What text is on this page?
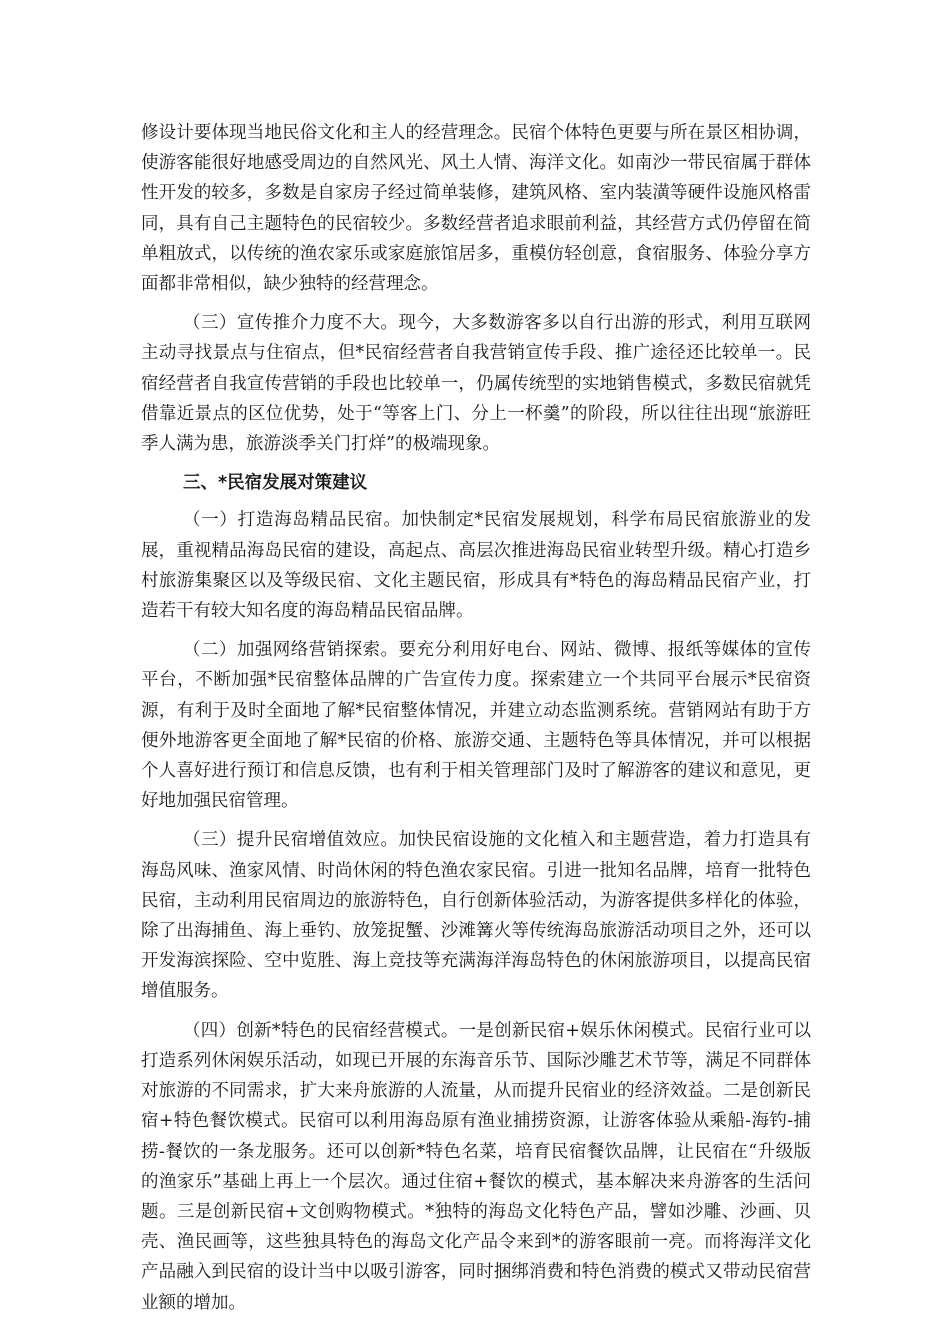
修设计要体现当地民俗文化和主人的经营理念。民宿个体特色更要与所在景区相协调，使游客能很好地感受周边的自然风光、风土人情、海洋文化。如南沙一带民宿属于群体性开发的较多，多数是自家房子经过简单装修，建筑风格、室内装潢等硬件设施风格雷同，具有自己主题特色的民宿较少。多数经营者追求眼前利益，其经营方式仍停留在简单粗放式，以传统的渔农家乐或家庭旅馆居多，重模仿轻创意，食宿服务、体验分享方面都非常相似，缺少独特的经营理念。

（三）宣传推介力度不大。现今，大多数游客多以自行出游的形式，利用互联网主动寻找景点与住宿点，但*民宿经营者自我营销宣传手段、推广途径还比较单一。民宿经营者自我宣传营销的手段也比较单一，仍属传统型的实地销售模式，多数民宿就凭借靠近景点的区位优势，处于“等客上门、分上一杯羹”的阶段，所以往往出现“旅游旺季人满为患，旅游淡季关门打烊”的极端现象。

三、*民宿发展对策建议

（一）打造海岛精品民宿。加快制定*民宿发展规划，科学布局民宿旅游业的发展，重视精品海岛民宿的建设，高起点、高层次推进海岛民宿业转型升级。精心打造乡村旅游集聚区以及等级民宿、文化主题民宿，形成具有*特色的海岛精品民宿产业，打造若干有较大知名度的海岛精品民宿品牌。

（二）加强网络营销探索。要充分利用好电台、网站、微博、报纸等媒体的宣传平台，不断加强*民宿整体品牌的广告宣传力度。探索建立一个共同平台展示*民宿资源，有利于及时全面地了解*民宿整体情况，并建立动态监测系统。营销网站有助于方便外地游客更全面地了解*民宿的价格、旅游交通、主题特色等具体情况，并可以根据个人喜好进行预订和信息反馈，也有利于相关管理部门及时了解游客的建议和意见，更好地加强民宿管理。

（三）提升民宿增值效应。加快民宿设施的文化植入和主题营造，着力打造具有海岛风味、渔家风情、时尚休闲的特色渔农家民宿。引进一批知名品牌，培育一批特色民宿，主动利用民宿周边的旅游特色，自行创新体验活动，为游客提供多样化的体验，除了出海捕鱼、海上垂钓、放笼捉蟹、沙滩篝火等传统海岛旅游活动项目之外，还可以开发海滨探险、空中览胜、海上竞技等充满海洋海岛特色的休闲旅游项目，以提高民宿增值服务。

（四）创新*特色的民宿经营模式。一是创新民宿+娱乐休闲模式。民宿行业可以打造系列休闲娱乐活动，如现已开展的东海音乐节、国际沙雕艺术节等，满足不同群体对旅游的不同需求，扩大来舟旅游的人流量，从而提升民宿业的经济效益。二是创新民宿+特色餐饮模式。民宿可以利用海岛原有渔业捕捞资源，让游客体验从乘船-海钓-捕捞-餐饮的一条龙服务。还可以创新*特色名菜，培育民宿餐饮品牌，让民宿在“升级版的渔家乐”基础上再上一个层次。通过住宿+餐饮的模式，基本解决来舟游客的生活问题。三是创新民宿+文创购物模式。*独特的海岛文化特色产品，譬如沙雕、沙画、贝壳、渔民画等，这些独具特色的海岛文化产品令来到*的游客眼前一亮。而将海洋文化产品融入到民宿的设计当中以吸引游客，同时捆绑消费和特色消费的模式又带动民宿营业额的增加。
